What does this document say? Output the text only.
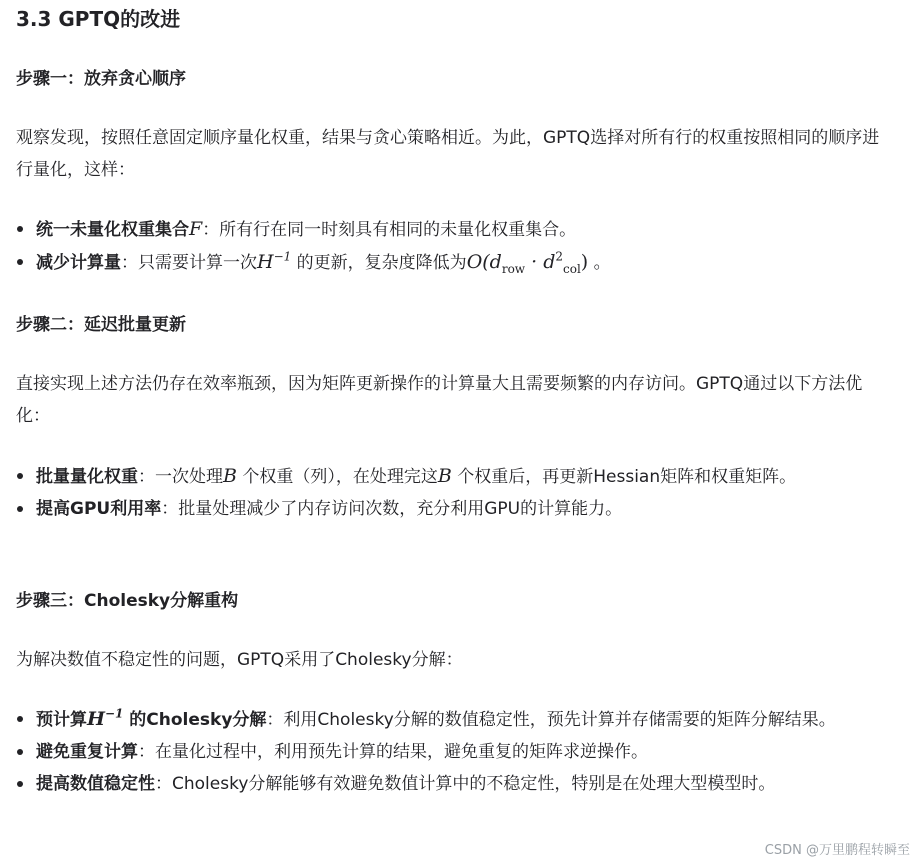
3.3 GPTQ的改进
步骤一：放弃贪心顺序

观察发现，按照任意固定顺序量化权重，结果与贪心策略相近。为此，GPTQ选择对所有行的权重按照相同的顺序进行量化，这样：

统一未量化权重集合F：所有行在同一时刻具有相同的未量化权重集合。
减少计算量：只需要计算一次$H^{-1}$ 的更新，复杂度降低为$O(d_{row} \cdot d^2_{col})$ 。
步骤二：延迟批量更新

直接实现上述方法仍存在效率瓶颈，因为矩阵更新操作的计算量大且需要频繁的内存访问。GPTQ通过以下方法优化：

批量量化权重：一次处理B 个权重（列），在处理完这B 个权重后，再更新Hessian矩阵和权重矩阵。
提高GPU利用率：批量处理减少了内存访问次数，充分利用GPU的计算能力。
步骤三：Cholesky分解重构

为解决数值不稳定性的问题，GPTQ采用了Cholesky分解：

预计算$H^{-1}$ 的Cholesky分解：利用Cholesky分解的数值稳定性，预先计算并存储需要的矩阵分解结果。
避免重复计算：在量化过程中，利用预先计算的结果，避免重复的矩阵求逆操作。
提高数值稳定性：Cholesky分解能够有效避免数值计算中的不稳定性，特别是在处理大型模型时。
CSDN @万里鹏程转瞬至
